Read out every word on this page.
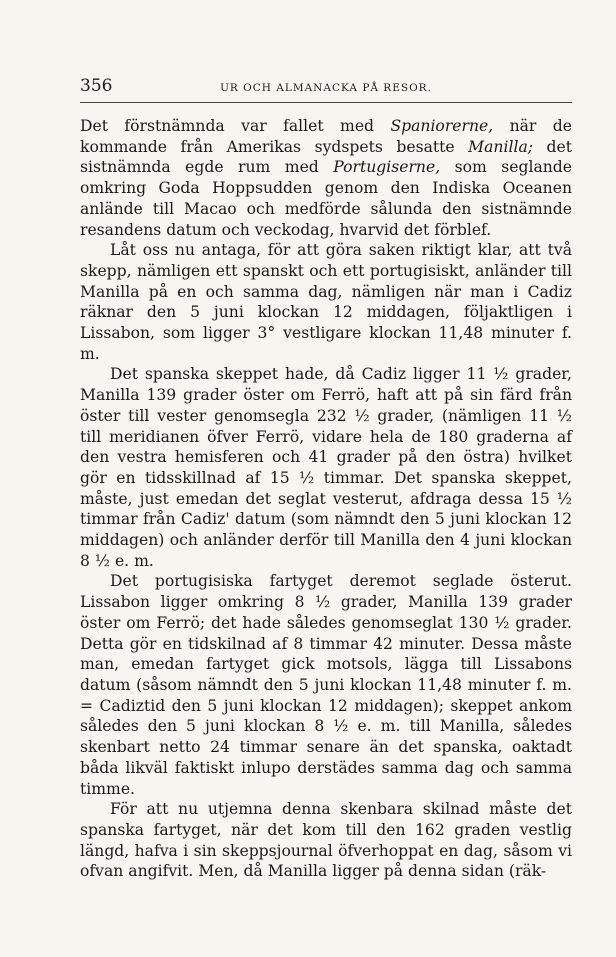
356	UR OCH ALMANACKA PÅ RESOR.

Det förstnämnda var fallet med Spaniorerne, när de kommande från Amerikas sydspets besatte Manilla; det sistnämnda egde rum med Portugiserne, som seglande omkring Goda Hoppsudden genom den Indiska Oceanen anlände till Macao och medförde sålunda den sistnämnde resandens datum och veckodag, hvarvid det förblef.

Låt oss nu antaga, för att göra saken riktigt klar, att två skepp, nämligen ett spanskt och ett portugisiskt, anländer till Manilla på en och samma dag, nämligen när man i Cadiz räknar den 5 juni klockan 12 middagen, följaktligen i Lissabon, som ligger 3° vestligare klockan 11,48 minuter f. m.

Det spanska skeppet hade, då Cadiz ligger 11 ½ grader, Manilla 139 grader öster om Ferrö, haft att på sin färd från öster till vester genomsegla 232 ½ grader, (nämligen 11 ½ till meridianen öfver Ferrö, vidare hela de 180 graderna af den vestra hemisferen och 41 grader på den östra) hvilket gör en tidsskillnad af 15 ½ timmar. Det spanska skeppet, måste, just emedan det seglat vesterut, afdraga dessa 15 ½ timmar från Cadiz' datum (som nämndt den 5 juni klockan 12 middagen) och anländer derför till Manilla den 4 juni klockan 8 ½ e. m.

Det portugisiska fartyget deremot seglade österut. Lissabon ligger omkring 8 ½ grader, Manilla 139 grader öster om Ferrö; det hade således genomseglat 130 ½ grader. Detta gör en tidskilnad af 8 timmar 42 minuter. Dessa måste man, emedan fartyget gick motsols, lägga till Lissabons datum (såsom nämndt den 5 juni klockan 11,48 minuter f. m. = Cadiztid den 5 juni klockan 12 middagen); skeppet ankom således den 5 juni klockan 8 ½ e. m. till Manilla, således skenbart netto 24 timmar senare än det spanska, oaktadt båda likväl faktiskt inlupo derstädes samma dag och samma timme.

För att nu utjemna denna skenbara skilnad måste det spanska fartyget, när det kom till den 162 graden vestlig längd, hafva i sin skeppsjournal öfverhoppat en dag, såsom vi ofvan angifvit. Men, då Manilla ligger på denna sidan (räk-
